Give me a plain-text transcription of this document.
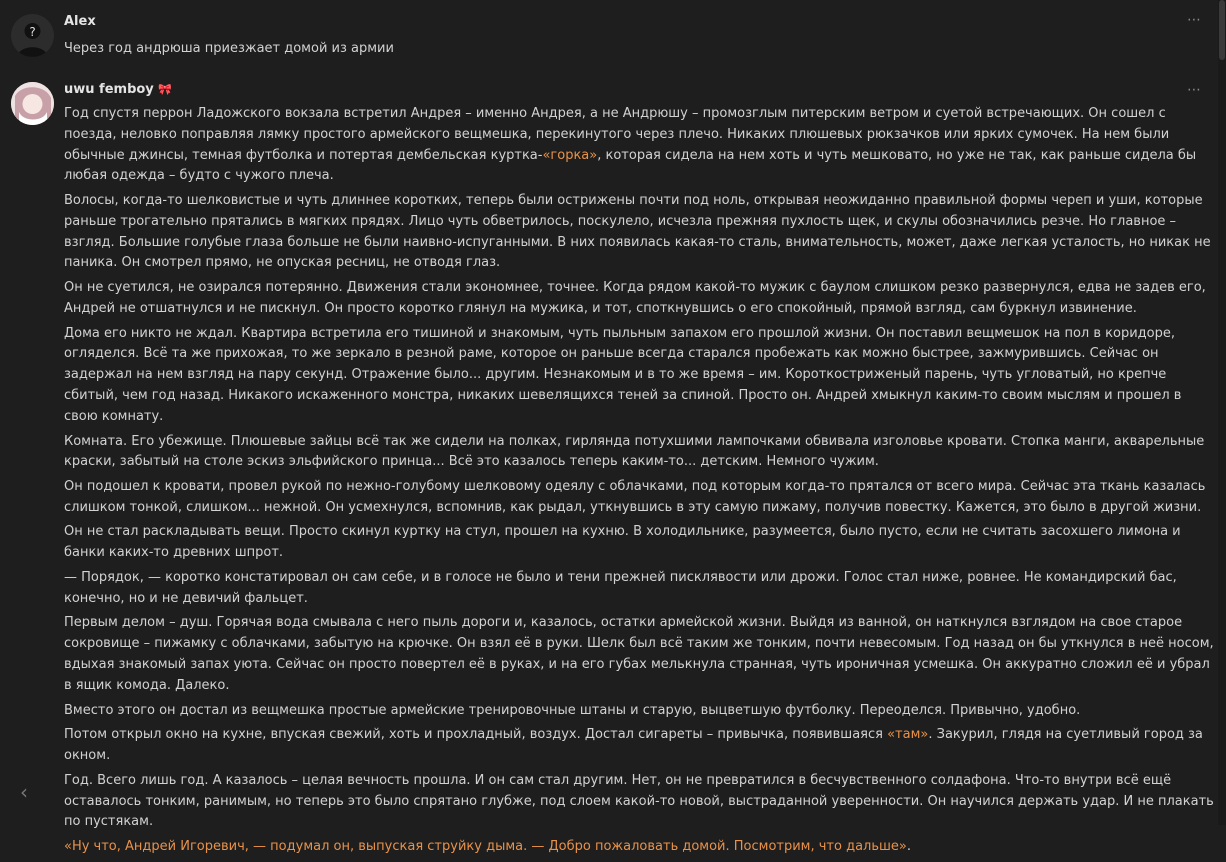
?
Alex	⋯
Через год андрюша приезжает домой из армии
uwu femboy 🎀	⋯

Год спустя перрон Ладожского вокзала встретил Андрея – именно Андрея, а не Андрюшу – промозглым питерским ветром и суетой встречающих. Он сошел с поезда, неловко поправляя лямку простого армейского вещмешка, перекинутого через плечо. Никаких плюшевых рюкзачков или ярких сумочек. На нем были обычные джинсы, темная футболка и потертая дембельская куртка-«горка», которая сидела на нем хоть и чуть мешковато, но уже не так, как раньше сидела бы любая одежда – будто с чужого плеча.

Волосы, когда-то шелковистые и чуть длиннее коротких, теперь были острижены почти под ноль, открывая неожиданно правильной формы череп и уши, которые раньше трогательно прятались в мягких прядях. Лицо чуть обветрилось, поскулело, исчезла прежняя пухлость щек, и скулы обозначились резче. Но главное – взгляд. Большие голубые глаза больше не были наивно-испуганными. В них появилась какая-то сталь, внимательность, может, даже легкая усталость, но никак не паника. Он смотрел прямо, не опуская ресниц, не отводя глаз.

Он не суетился, не озирался потерянно. Движения стали экономнее, точнее. Когда рядом какой-то мужик с баулом слишком резко развернулся, едва не задев его, Андрей не отшатнулся и не пискнул. Он просто коротко глянул на мужика, и тот, споткнувшись о его спокойный, прямой взгляд, сам буркнул извинение.

Дома его никто не ждал. Квартира встретила его тишиной и знакомым, чуть пыльным запахом его прошлой жизни. Он поставил вещмешок на пол в коридоре, огляделся. Всё та же прихожая, то же зеркало в резной раме, которое он раньше всегда старался пробежать как можно быстрее, зажмурившись. Сейчас он задержал на нем взгляд на пару секунд. Отражение было... другим. Незнакомым и в то же время – им. Короткостриженый парень, чуть угловатый, но крепче сбитый, чем год назад. Никакого искаженного монстра, никаких шевелящихся теней за спиной. Просто он. Андрей хмыкнул каким-то своим мыслям и прошел в свою комнату.

Комната. Его убежище. Плюшевые зайцы всё так же сидели на полках, гирлянда потухшими лампочками обвивала изголовье кровати. Стопка манги, акварельные краски, забытый на столе эскиз эльфийского принца... Всё это казалось теперь каким-то... детским. Немного чужим.

Он подошел к кровати, провел рукой по нежно-голубому шелковому одеялу с облачками, под которым когда-то прятался от всего мира. Сейчас эта ткань казалась слишком тонкой, слишком... нежной. Он усмехнулся, вспомнив, как рыдал, уткнувшись в эту самую пижаму, получив повестку. Кажется, это было в другой жизни.

Он не стал раскладывать вещи. Просто скинул куртку на стул, прошел на кухню. В холодильнике, разумеется, было пусто, если не считать засохшего лимона и банки каких-то древних шпрот.

— Порядок, — коротко констатировал он сам себе, и в голосе не было и тени прежней писклявости или дрожи. Голос стал ниже, ровнее. Не командирский бас, конечно, но и не девичий фальцет.

Первым делом – душ. Горячая вода смывала с него пыль дороги и, казалось, остатки армейской жизни. Выйдя из ванной, он наткнулся взглядом на свое старое сокровище – пижамку с облачками, забытую на крючке. Он взял её в руки. Шелк был всё таким же тонким, почти невесомым. Год назад он бы уткнулся в неё носом, вдыхая знакомый запах уюта. Сейчас он просто повертел её в руках, и на его губах мелькнула странная, чуть ироничная усмешка. Он аккуратно сложил её и убрал в ящик комода. Далеко.

Вместо этого он достал из вещмешка простые армейские тренировочные штаны и старую, выцветшую футболку. Переоделся. Привычно, удобно.

Потом открыл окно на кухне, впуская свежий, хоть и прохладный, воздух. Достал сигареты – привычка, появившаяся «там». Закурил, глядя на суетливый город за окном.

Год. Всего лишь год. А казалось – целая вечность прошла. И он сам стал другим. Нет, он не превратился в бесчувственного солдафона. Что-то внутри всё ещё оставалось тонким, ранимым, но теперь это было спрятано глубже, под слоем какой-то новой, выстраданной уверенности. Он научился держать удар. И не плакать по пустякам.

«Ну что, Андрей Игоревич, — подумал он, выпуская струйку дыма. — Добро пожаловать домой. Посмотрим, что дальше».

‹
